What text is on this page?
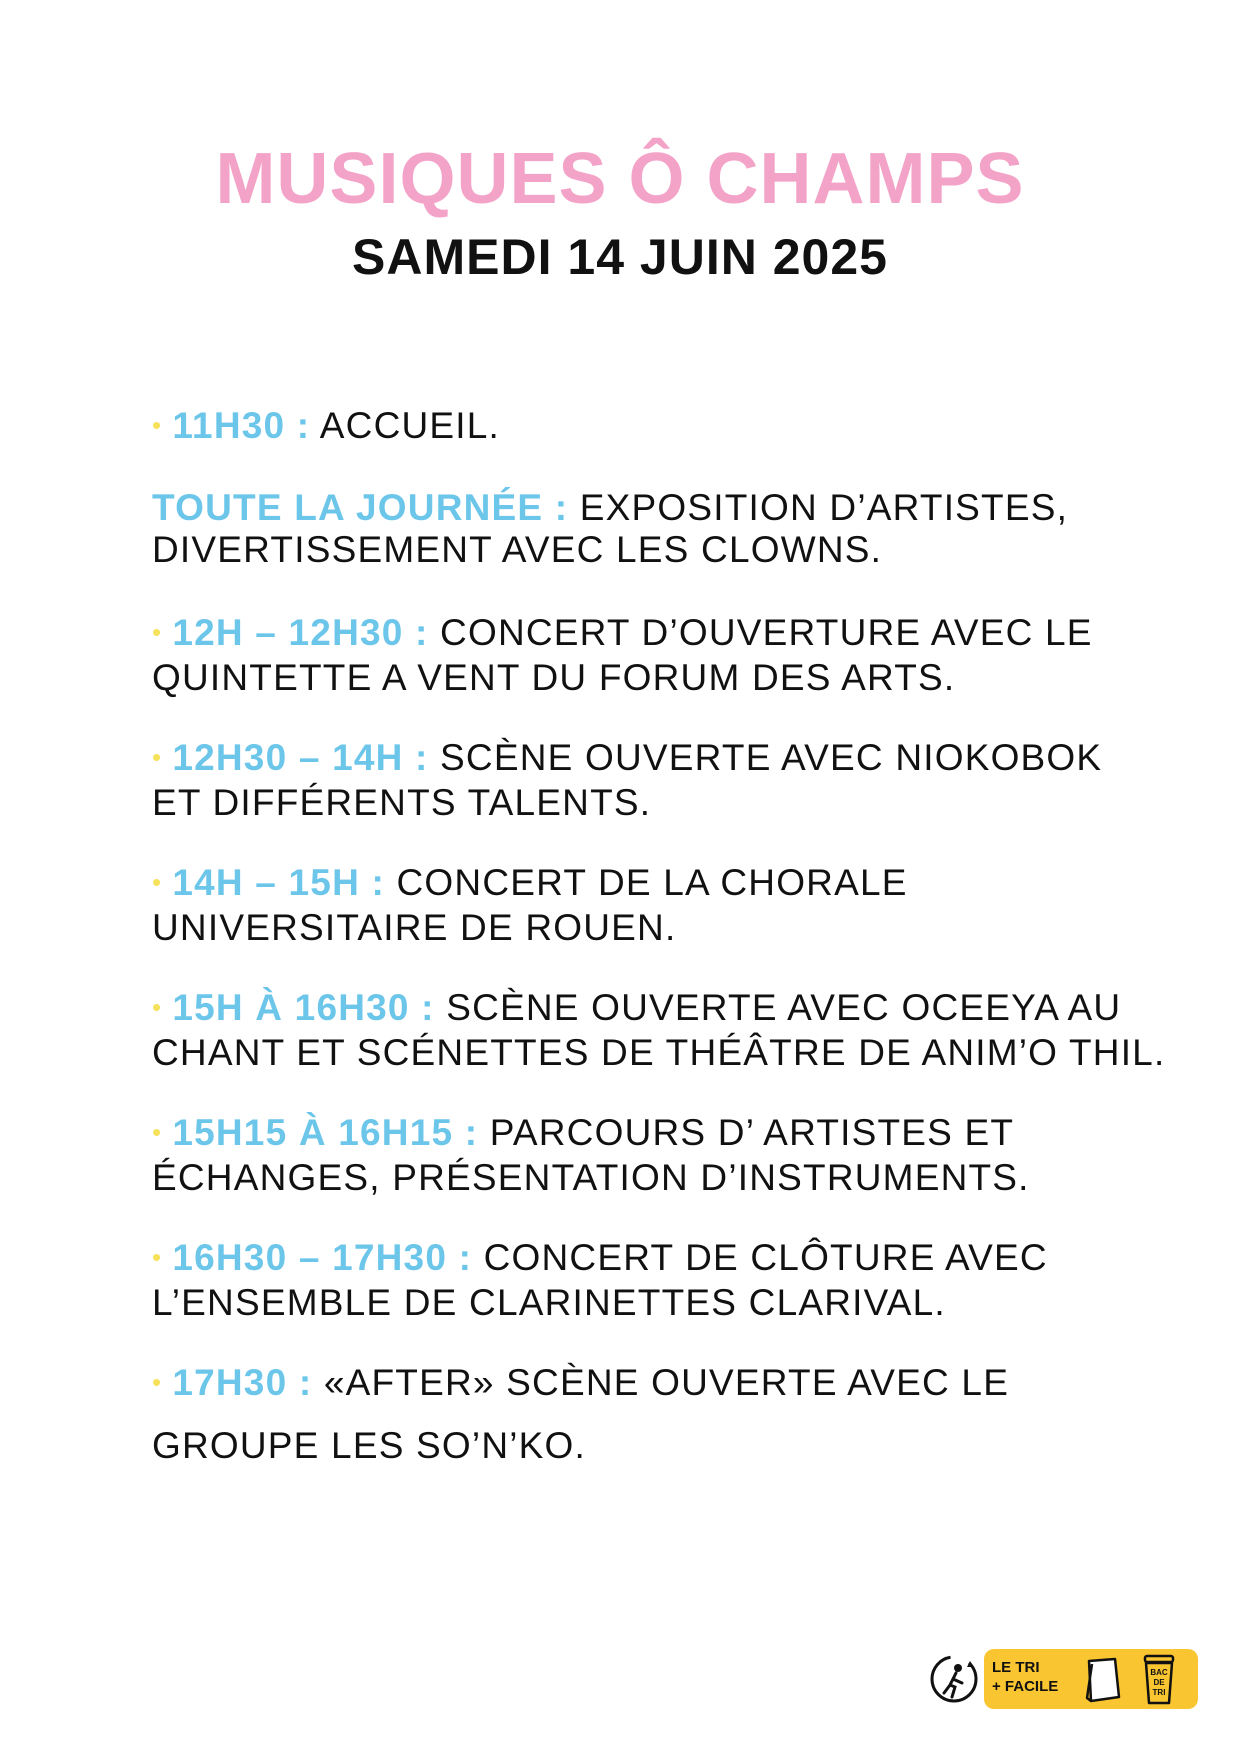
MUSIQUES Ô CHAMPS
SAMEDI 14 JUIN 2025
• 11H30 : ACCUEIL.
TOUTE LA JOURNÉE : EXPOSITION D’ARTISTES,
DIVERTISSEMENT AVEC LES CLOWNS.
• 12H – 12H30 : CONCERT D’OUVERTURE AVEC LE
QUINTETTE A VENT DU FORUM DES ARTS.
• 12H30 – 14H : SCÈNE OUVERTE AVEC NIOKOBOK
ET DIFFÉRENTS TALENTS.
• 14H – 15H : CONCERT DE LA CHORALE
UNIVERSITAIRE DE ROUEN.
• 15H À 16H30 : SCÈNE OUVERTE AVEC OCEEYA AU
CHANT ET SCÉNETTES DE THÉÂTRE DE ANIM’O THIL.
• 15H15 À 16H15 : PARCOURS D’ ARTISTES ET
ÉCHANGES, PRÉSENTATION D’INSTRUMENTS.
• 16H30 – 17H30 : CONCERT DE CLÔTURE AVEC
L’ENSEMBLE DE CLARINETTES CLARIVAL.
• 17H30 : «AFTER» SCÈNE OUVERTE AVEC LE
GROUPE LES SO’N’KO.
LE TRI
+ FACILE
BAC
DE
TRI
